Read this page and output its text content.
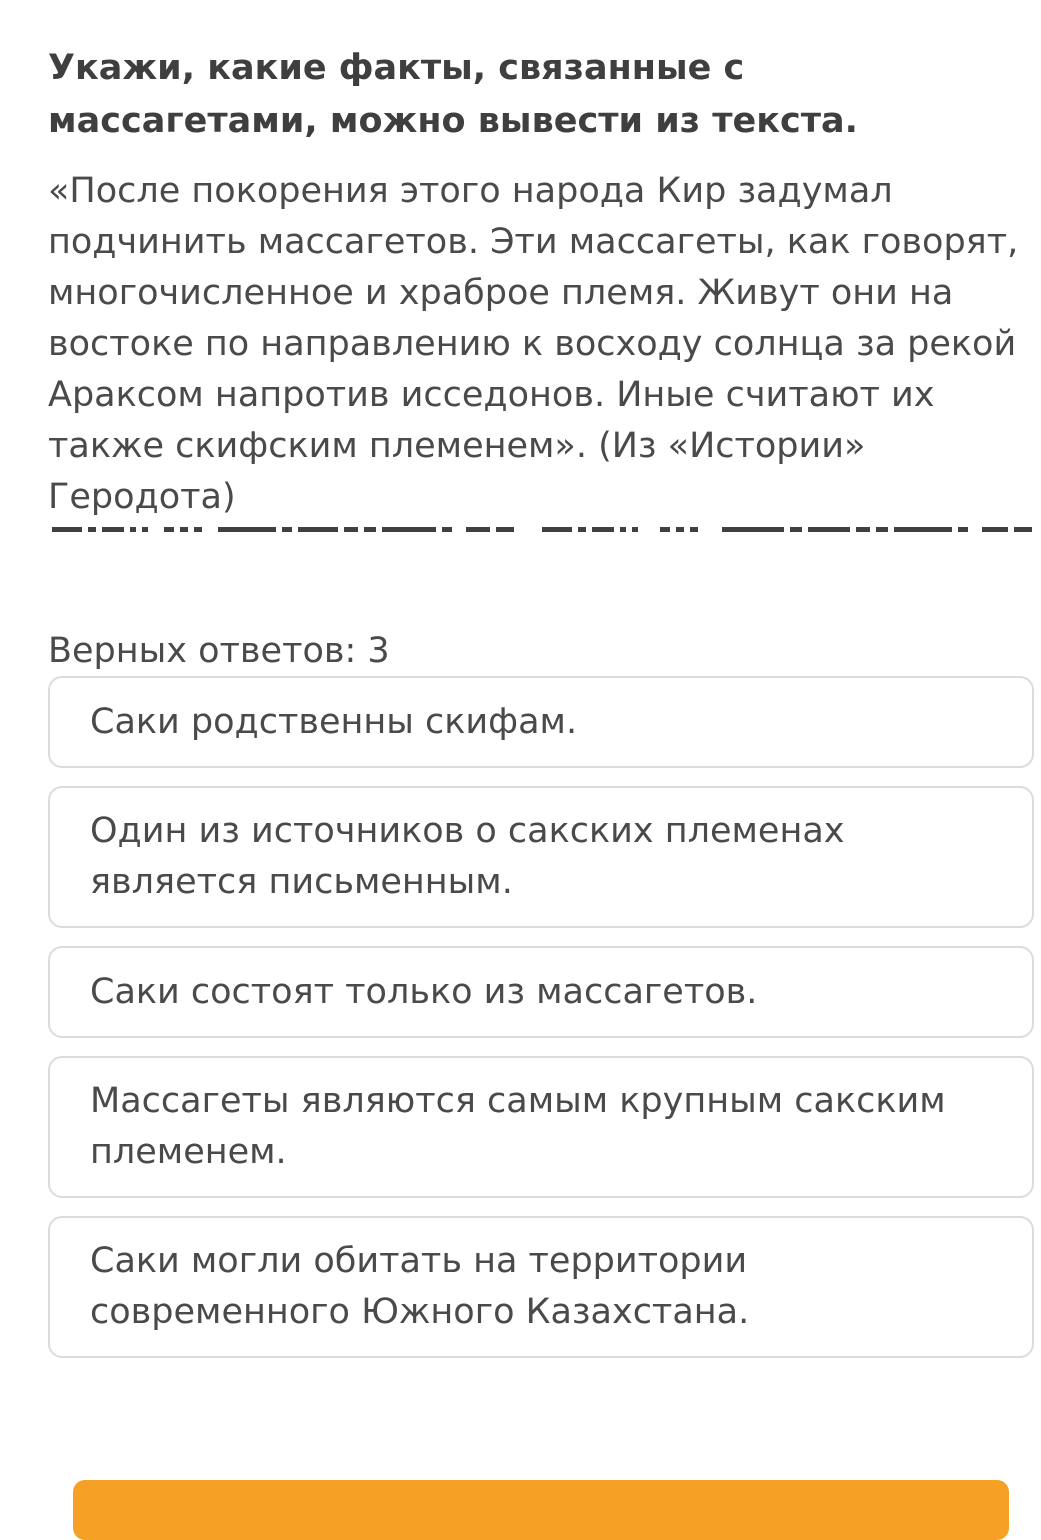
Укажи, какие факты, связанные с массагетами, можно вывести из текста.

«После покорения этого народа Кир задумал подчинить массагетов. Эти массагеты, как говорят, многочисленное и храброе племя. Живут они на востоке по направлению к восходу солнца за рекой Араксом напротив исседонов. Иные считают их также скифским племенем». (Из «Истории» Геродота)

Верных ответов: 3

Саки родственны скифам.
Один из источников о сакских племенах является письменным.
Саки состоят только из массагетов.
Массагеты являются самым крупным сакским племенем.
Саки могли обитать на территории современного Южного Казахстана.
